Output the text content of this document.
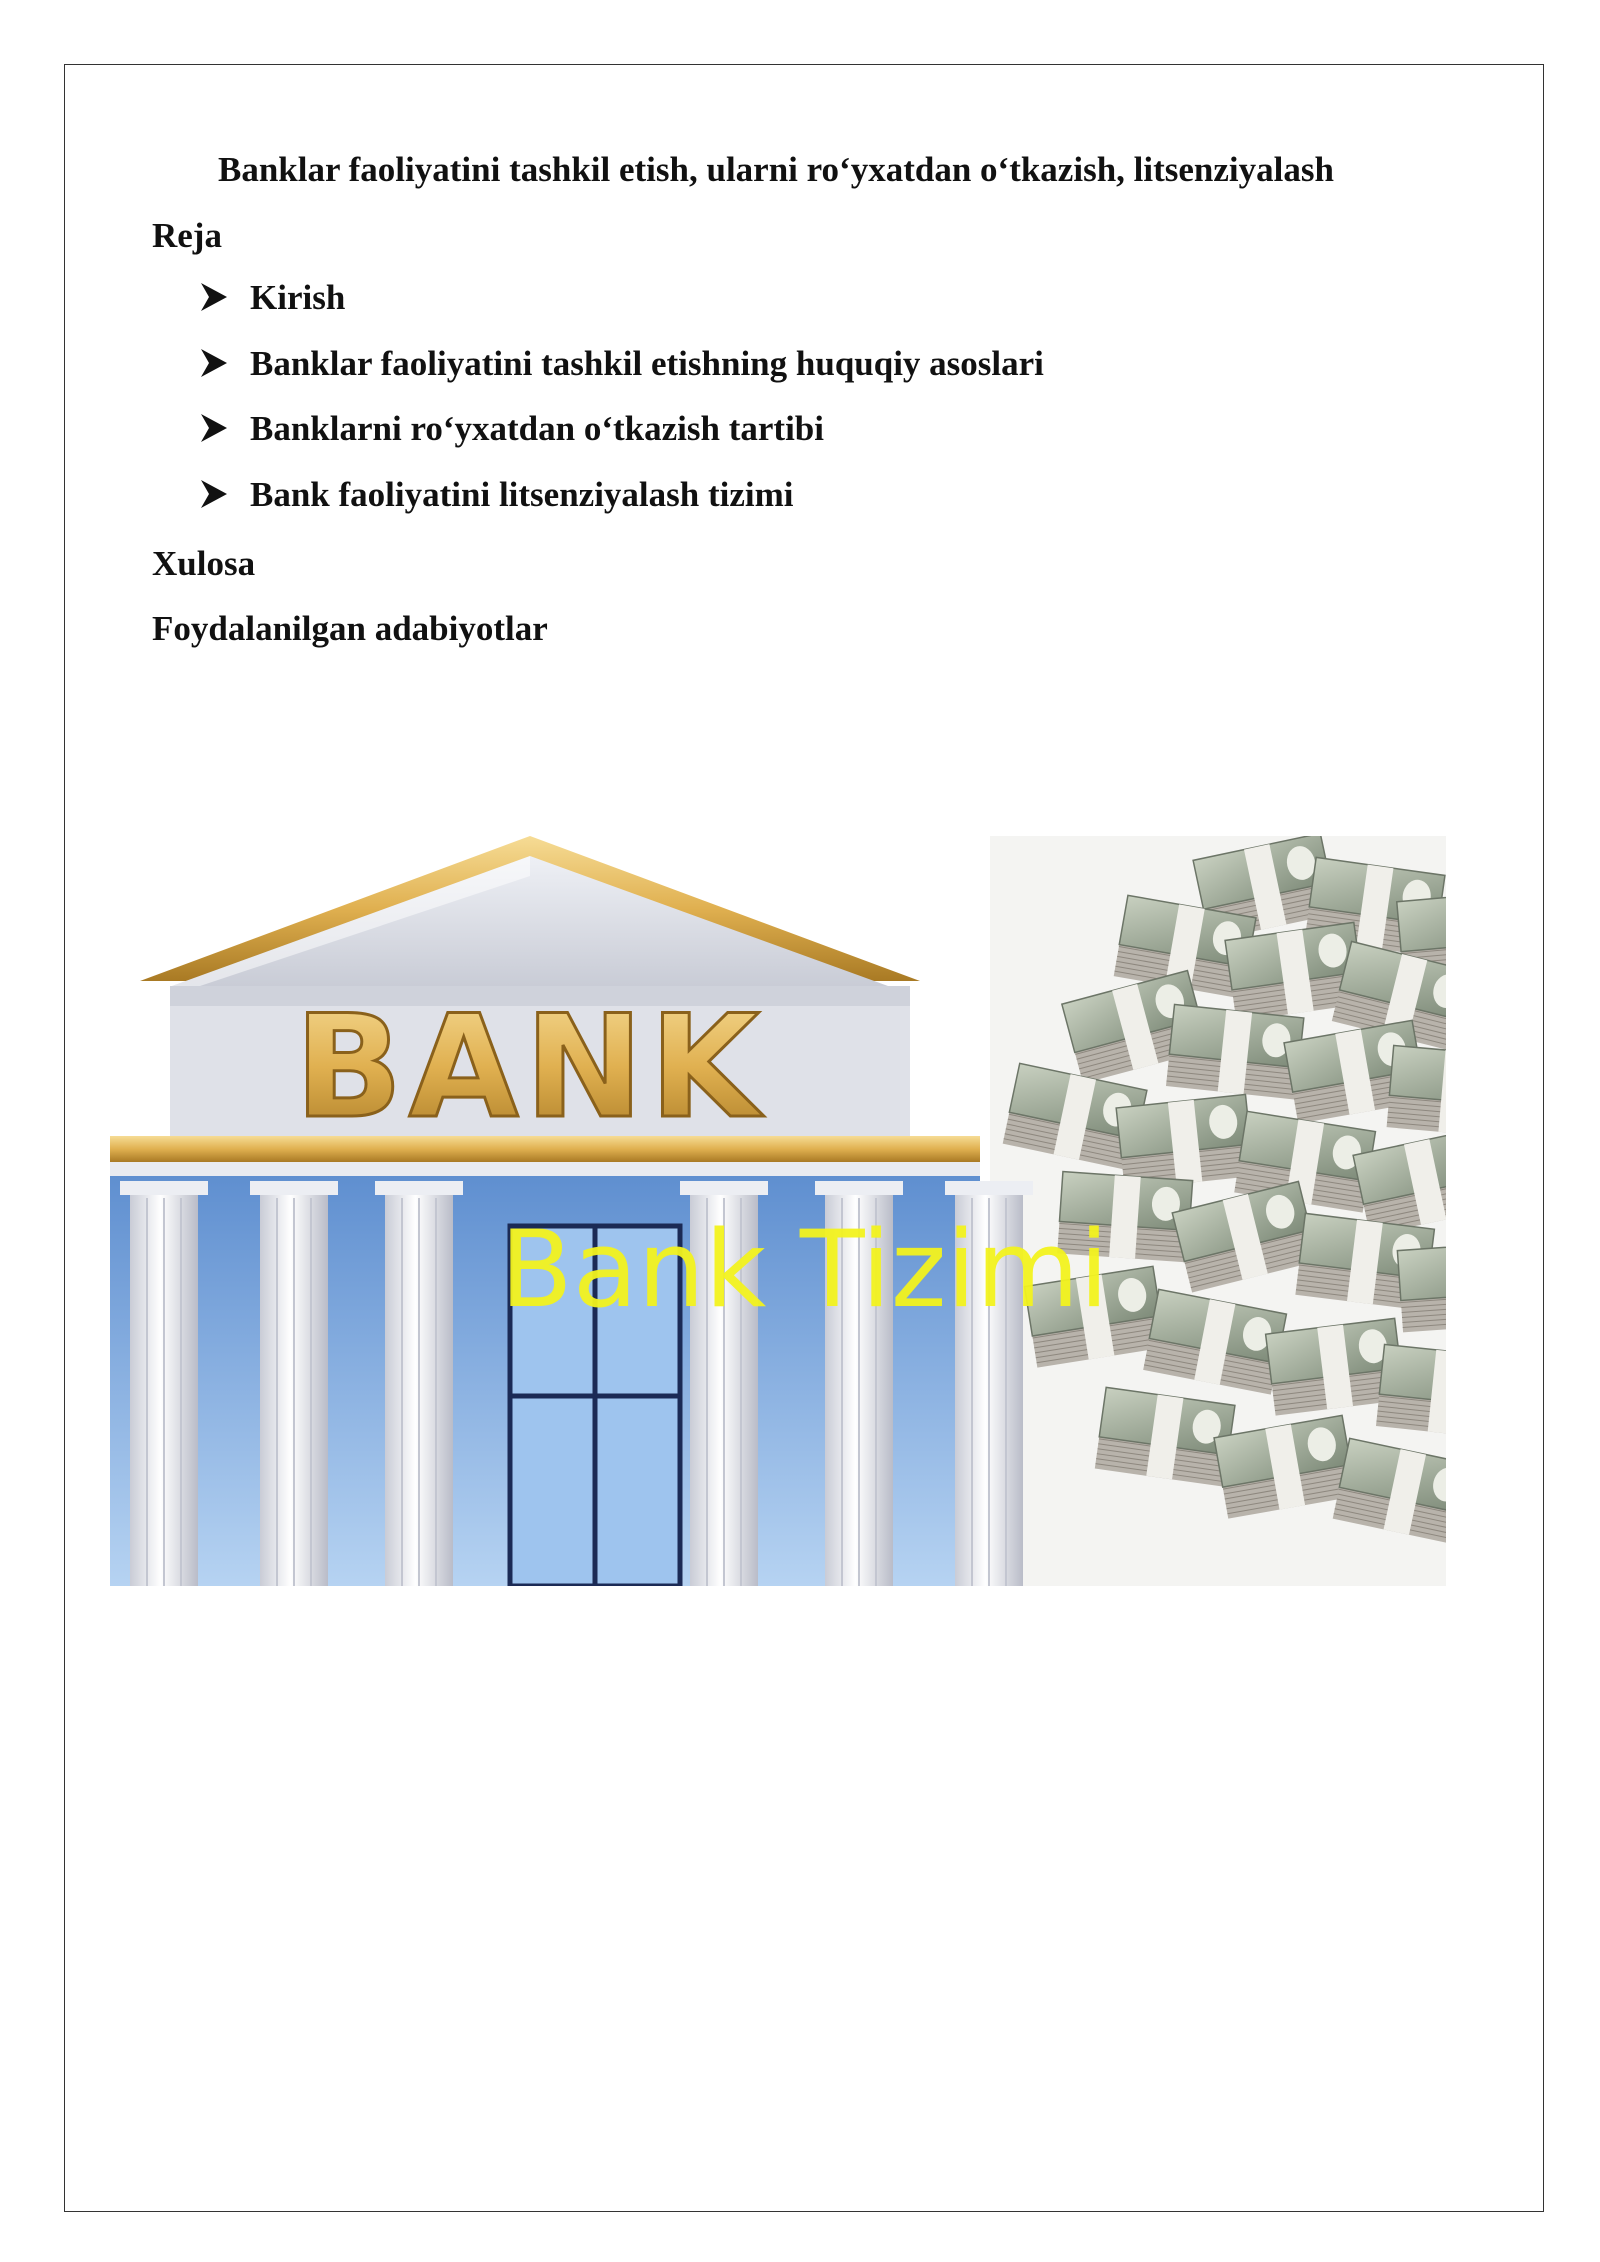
Banklar faoliyatini tashkil etish, ularni ro‘yxatdan o‘tkazish, litsenziyalash
Reja
Kirish
Banklar faoliyatini tashkil etishning huquqiy asoslari
Banklarni ro‘yxatdan o‘tkazish tartibi
Bank faoliyatini litsenziyalash tizimi
Xulosa
Foydalanilgan adabiyotlar
BANK
Bank Tizimi
